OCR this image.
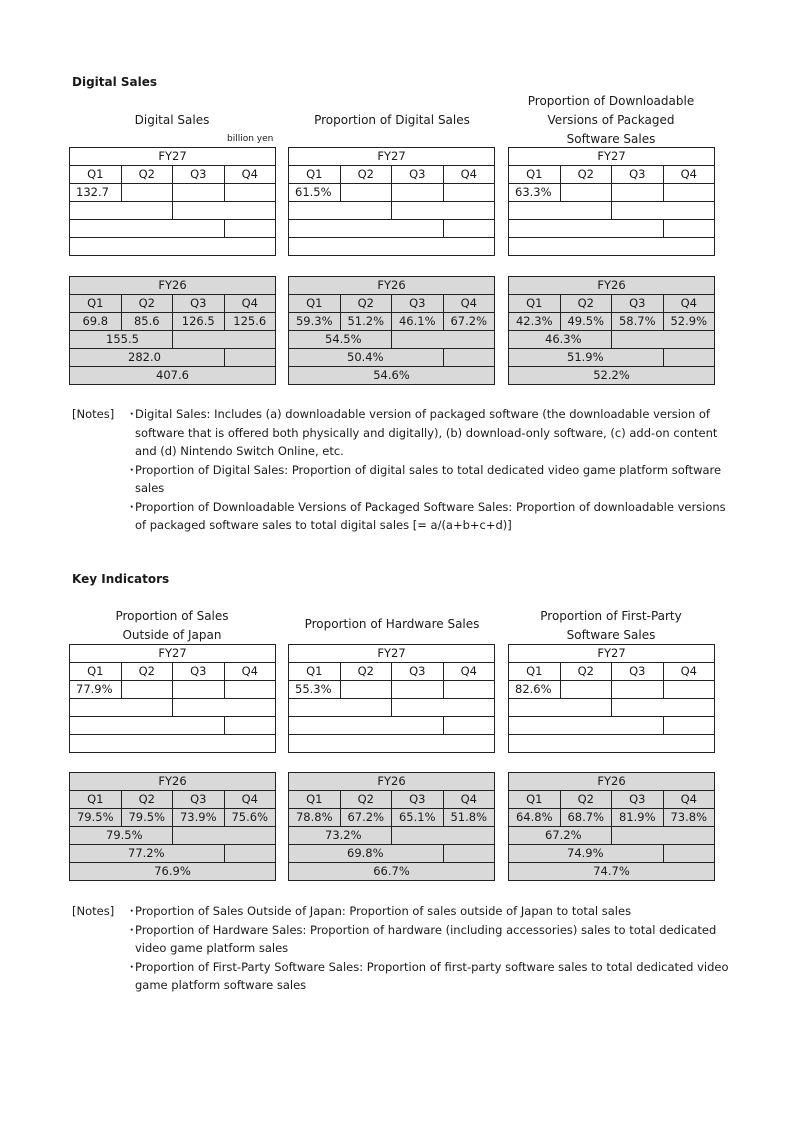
Digital Sales
Digital Sales
billion yen
Proportion of Digital Sales
Proportion of Downloadable
Versions of Packaged
Software Sales
FY27			
Q1	Q2	Q3	Q4
132.7			

FY27			
Q1	Q2	Q3	Q4
61.5%			

FY27			
Q1	Q2	Q3	Q4
63.3%			

FY26			
Q1	Q2	Q3	Q4
69.8	85.6	126.5	125.6
155.5			
282.0			
407.6			
FY26			
Q1	Q2	Q3	Q4
59.3%	51.2%	46.1%	67.2%
54.5%			
50.4%			
54.6%			
FY26			
Q1	Q2	Q3	Q4
42.3%	49.5%	58.7%	52.9%
46.3%			
51.9%			
52.2%			
[Notes] ・
Digital Sales: Includes (a) downloadable version of packaged software (the downloadable version of software that is offered both physically and digitally), (b) download-only software, (c) add-on content and (d) Nintendo Switch Online, etc.
・
Proportion of Digital Sales: Proportion of digital sales to total dedicated video game platform software sales
・
Proportion of Downloadable Versions of Packaged Software Sales: Proportion of downloadable versions of packaged software sales to total digital sales [= a/(a+b+c+d)]
Key Indicators
Proportion of Sales
Outside of Japan
Proportion of Hardware Sales
Proportion of First-Party
Software Sales
FY27			
Q1	Q2	Q3	Q4
77.9%			

FY27			
Q1	Q2	Q3	Q4
55.3%			

FY27			
Q1	Q2	Q3	Q4
82.6%			

FY26			
Q1	Q2	Q3	Q4
79.5%	79.5%	73.9%	75.6%
79.5%			
77.2%			
76.9%			
FY26			
Q1	Q2	Q3	Q4
78.8%	67.2%	65.1%	51.8%
73.2%			
69.8%			
66.7%			
FY26			
Q1	Q2	Q3	Q4
64.8%	68.7%	81.9%	73.8%
67.2%			
74.9%			
74.7%			
[Notes] ・
Proportion of Sales Outside of Japan: Proportion of sales outside of Japan to total sales
・
Proportion of Hardware Sales: Proportion of hardware (including accessories) sales to total dedicated video game platform sales
・
Proportion of First-Party Software Sales: Proportion of first-party software sales to total dedicated video game platform software sales
